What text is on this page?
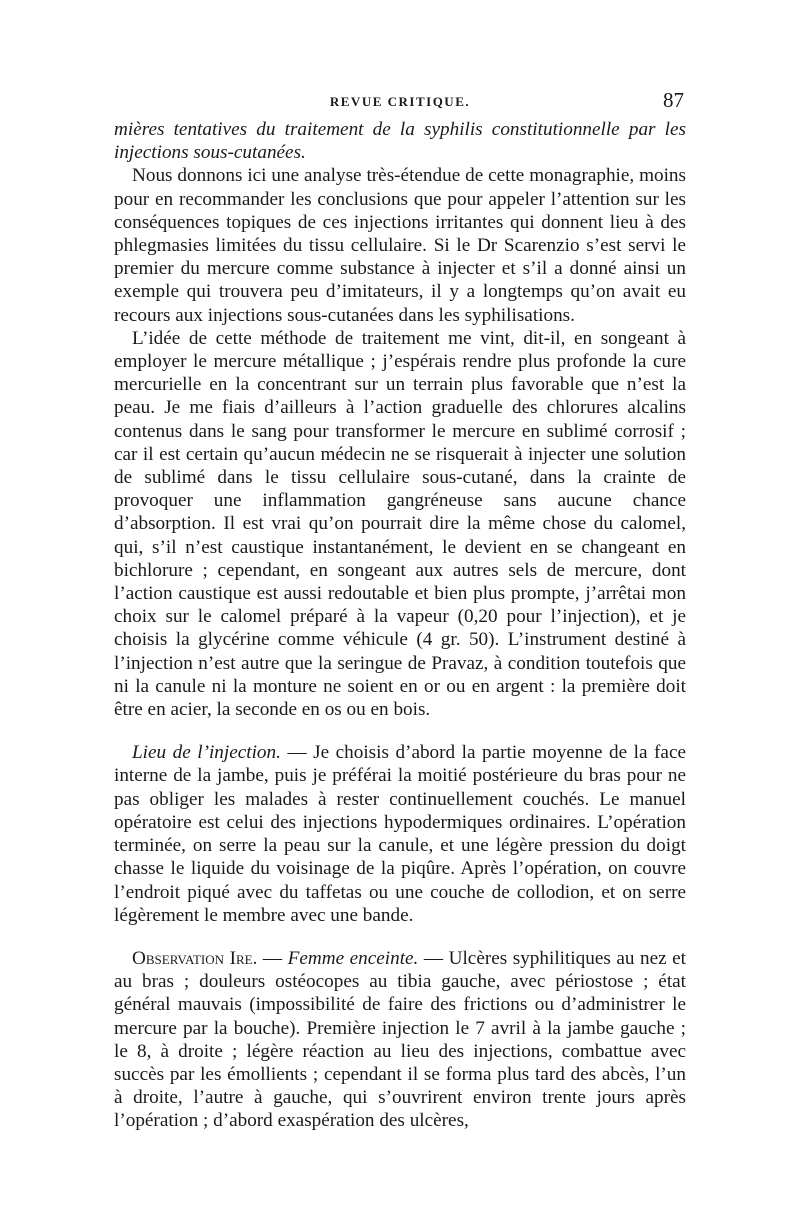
REVUE CRITIQUE.	87

mières tentatives du traitement de la syphilis constitutionnelle par les injections sous-cutanées.

Nous donnons ici une analyse très-étendue de cette monagraphie, moins pour en recommander les conclusions que pour appeler l’attention sur les conséquences topiques de ces injections irritantes qui donnent lieu à des phlegmasies limitées du tissu cellulaire. Si le Dr Scarenzio s’est servi le premier du mercure comme substance à injecter et s’il a donné ainsi un exemple qui trouvera peu d’imitateurs, il y a longtemps qu’on avait eu recours aux injections sous-cutanées dans les syphilisations.

L’idée de cette méthode de traitement me vint, dit-il, en songeant à employer le mercure métallique ; j’espérais rendre plus profonde la cure mercurielle en la concentrant sur un terrain plus favorable que n’est la peau. Je me fiais d’ailleurs à l’action graduelle des chlorures alcalins contenus dans le sang pour transformer le mercure en sublimé corrosif ; car il est certain qu’aucun médecin ne se risquerait à injecter une solution de sublimé dans le tissu cellulaire sous-cutané, dans la crainte de provoquer une inflammation gangréneuse sans aucune chance d’absorption. Il est vrai qu’on pourrait dire la même chose du calomel, qui, s’il n’est caustique instantanément, le devient en se changeant en bichlorure ; cependant, en songeant aux autres sels de mercure, dont l’action caustique est aussi redoutable et bien plus prompte, j’arrêtai mon choix sur le calomel préparé à la vapeur (0,20 pour l’injection), et je choisis la glycérine comme véhicule (4 gr. 50). L’instrument destiné à l’injection n’est autre que la seringue de Pravaz, à condition toutefois que ni la canule ni la monture ne soient en or ou en argent : la première doit être en acier, la seconde en os ou en bois.

Lieu de l’injection. — Je choisis d’abord la partie moyenne de la face interne de la jambe, puis je préférai la moitié postérieure du bras pour ne pas obliger les malades à rester continuellement couchés. Le manuel opératoire est celui des injections hypodermiques ordinaires. L’opération terminée, on serre la peau sur la canule, et une légère pression du doigt chasse le liquide du voisinage de la piqûre. Après l’opération, on couvre l’endroit piqué avec du taffetas ou une couche de collodion, et on serre légèrement le membre avec une bande.

Observation Ire. — Femme enceinte. — Ulcères syphilitiques au nez et au bras ; douleurs ostéocopes au tibia gauche, avec périostose ; état général mauvais (impossibilité de faire des frictions ou d’administrer le mercure par la bouche). Première injection le 7 avril à la jambe gauche ; le 8, à droite ; légère réaction au lieu des injections, combattue avec succès par les émollients ; cependant il se forma plus tard des abcès, l’un à droite, l’autre à gauche, qui s’ouvrirent environ trente jours après l’opération ; d’abord exaspération des ulcères,
